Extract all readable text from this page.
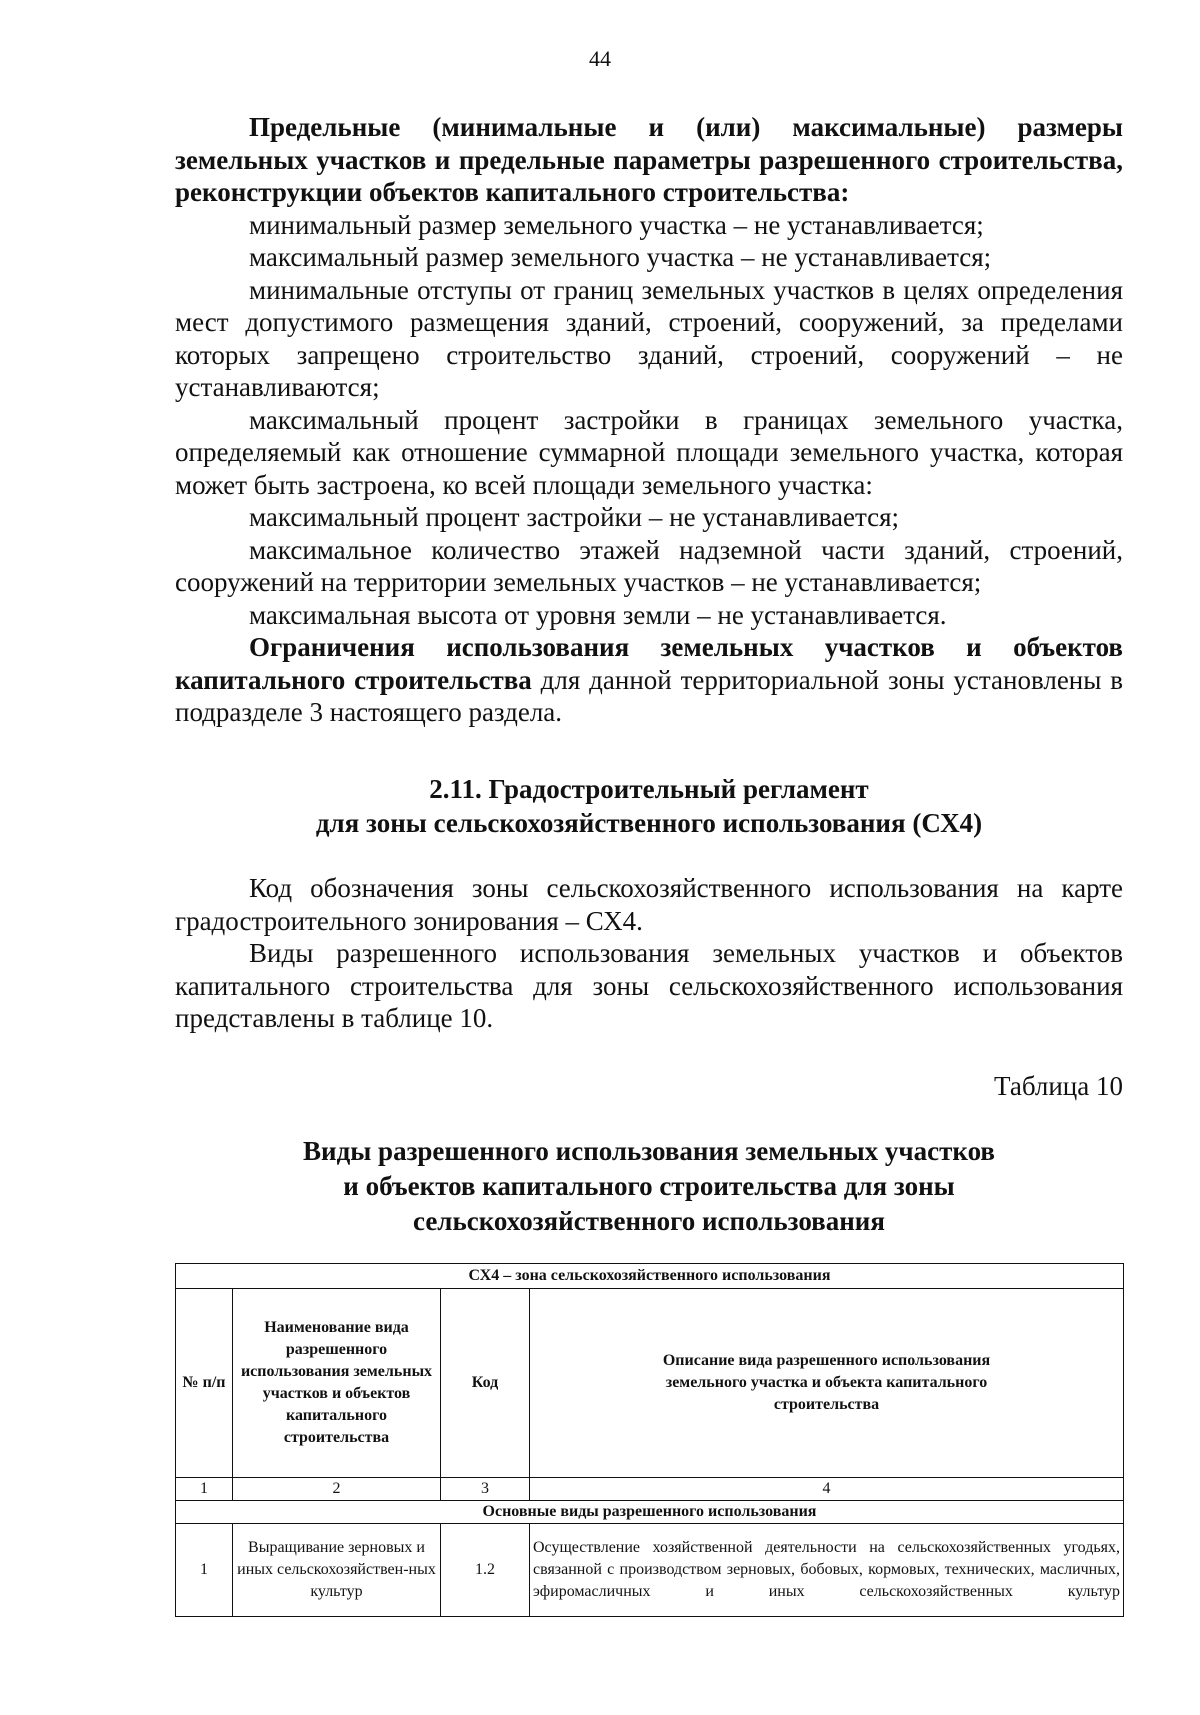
44

Предельные (минимальные и (или) максимальные) размеры земельных участков и предельные параметры разрешенного строительства, реконструкции объектов капитального строительства:

минимальный размер земельного участка – не устанавливается;

максимальный размер земельного участка – не устанавливается;

минимальные отступы от границ земельных участков в целях определения мест допустимого размещения зданий, строений, сооружений, за пределами которых запрещено строительство зданий, строений, сооружений – не устанавливаются;

максимальный процент застройки в границах земельного участка, определяемый как отношение суммарной площади земельного участка, которая может быть застроена, ко всей площади земельного участка:

максимальный процент застройки – не устанавливается;

максимальное количество этажей надземной части зданий, строений, сооружений на территории земельных участков – не устанавливается;

максимальная высота от уровня земли – не устанавливается.

Ограничения использования земельных участков и объектов капитального строительства для данной территориальной зоны установлены в подразделе 3 настоящего раздела.

2.11. Градостроительный регламент
для зоны сельскохозяйственного использования (СХ4)

Код обозначения зоны сельскохозяйственного использования на карте градостроительного зонирования – СХ4.

Виды разрешенного использования земельных участков и объектов капитального строительства для зоны сельскохозяйственного использования представлены в таблице 10.

Таблица 10

Виды разрешенного использования земельных участков
и объектов капитального строительства для зоны
сельскохозяйственного использования
СХ4 – зона сельскохозяйственного использования			
№ п/п	Наименование вида разрешенного использования земельных участков и объектов капитального строительства	Код	Описание вида разрешенного использования земельного участка и объекта капитального строительства
1	2	3	4
Основные виды разрешенного использования			
1	Выращивание зерновых и иных сельскохозяйствен-ных культур	1.2	Осуществление хозяйственной деятельности на сельскохозяйственных угодьях, связанной с производством зерновых, бобовых, кормовых, технических, масличных, эфиромасличных и иных сельскохозяйственных культур
